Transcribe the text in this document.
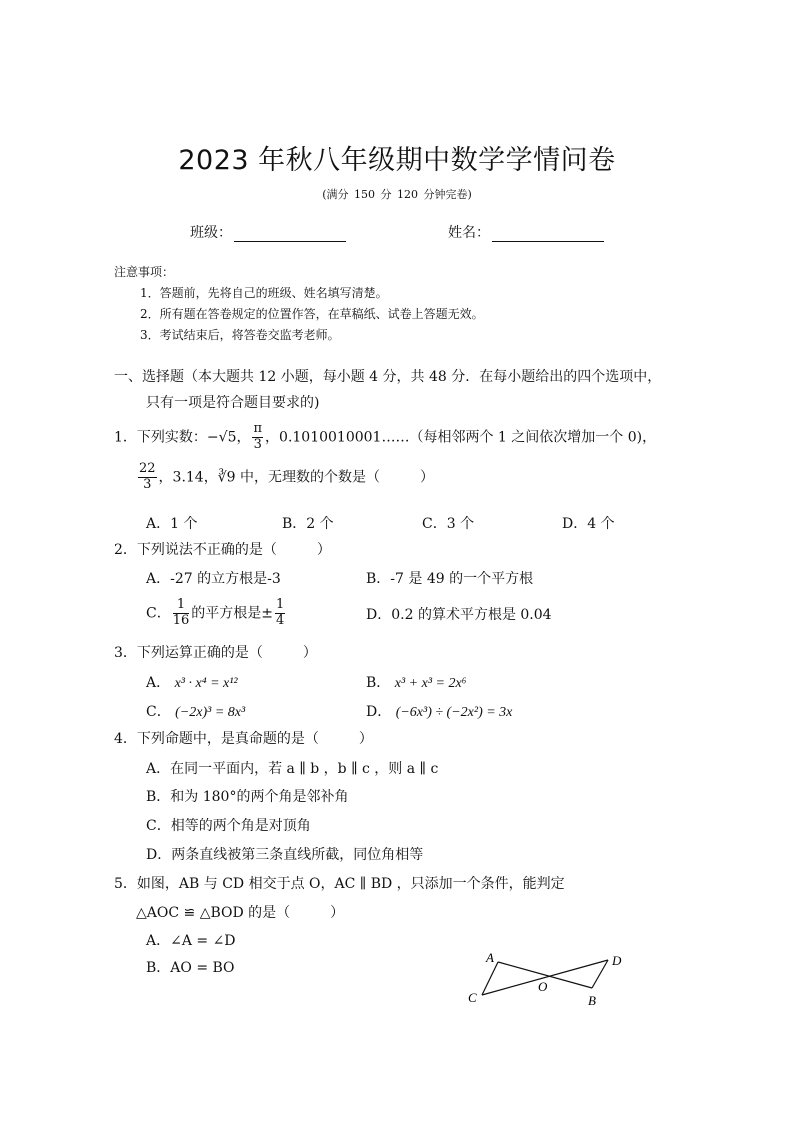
2023 年秋八年级期中数学学情问卷
(满分 150 分 120 分钟完卷)
班级：	姓名：
注意事项：
1．答题前，先将自己的班级、姓名填写清楚。
2．所有题在答卷规定的位置作答，在草稿纸、试卷上答题无效。
3．考试结束后，将答卷交监考老师。
一、选择题（本大题共 12 小题，每小题 4 分，共 48 分．在每小题给出的四个选项中，
只有一项是符合题目要求的)
1．下列实数：−√5， $\frac{\pi}{3}$ ，0.1010010001……（每相邻两个 1 之间依次增加一个 0)，
$\frac{22}{3}$ ，3.14，∛9 中，无理数的个数是（	）
A．1 个	B．2 个	C．3 个	D．4 个
2．下列说法不正确的是（	）
A．-27 的立方根是-3	B．-7 是 49 的一个平方根
C． $\frac{1}{16}$ 的平方根是± $\frac{1}{4}$	D．0.2 的算术平方根是 0.04
3．下列运算正确的是（	）
A． x³ · x⁴ = x¹²	B． x³ + x³ = 2x⁶
C． (−2x)³ = 8x³	D． (−6x³) ÷ (−2x²) = 3x
4．下列命题中，是真命题的是（	）
A．在同一平面内，若 a ∥ b ，b ∥ c ，则 a ∥ c
B．和为 180°的两个角是邻补角
C．相等的两个角是对顶角
D．两条直线被第三条直线所截，同位角相等
5．如图，AB 与 CD 相交于点 O，AC ∥ BD ，只添加一个条件，能判定
△AOC ≌ △BOD 的是（	）
A．∠A = ∠D
B．AO = BO
A
C
O
D
B
